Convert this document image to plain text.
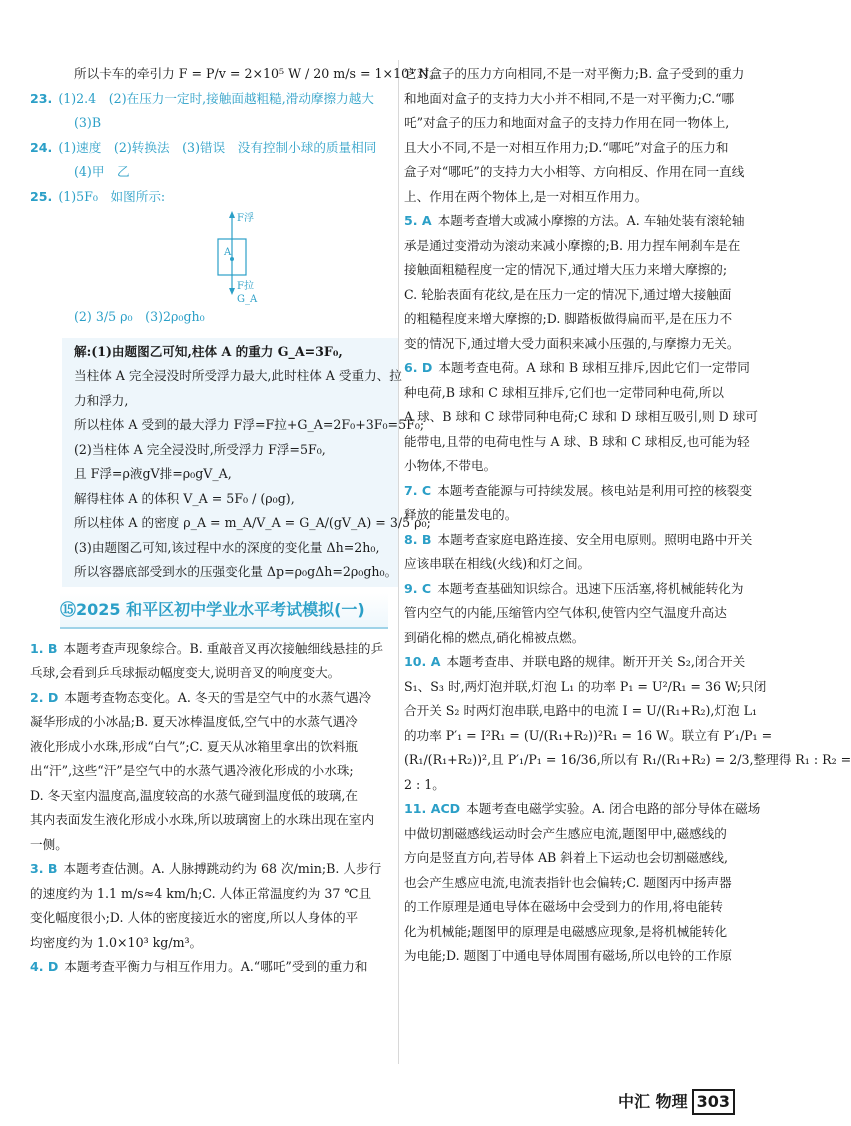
所以卡车的牵引力 F = P/v = 2×10⁵ W / 20 m/s = 1×10⁴ N。
23. (1)2.4　(2)在压力一定时,接触面越粗糙,滑动摩擦力越大
(3)B
24. (1)速度　(2)转换法　(3)错误　没有控制小球的质量相同
(4)甲　乙
25. (1)5F₀　如图所示:
F浮
A
F拉
G_A
(2) 3/5 ρ₀　(3)2ρ₀gh₀
解:(1)由题图乙可知,柱体 A 的重力 G_A=3F₀,
当柱体 A 完全浸没时所受浮力最大,此时柱体 A 受重力、拉
力和浮力,
所以柱体 A 受到的最大浮力 F浮=F拉+G_A=2F₀+3F₀=5F₀;
(2)当柱体 A 完全浸没时,所受浮力 F浮=5F₀,
且 F浮=ρ液gV排=ρ₀gV_A,
解得柱体 A 的体积 V_A = 5F₀ / (ρ₀g),
所以柱体 A 的密度 ρ_A = m_A/V_A = G_A/(gV_A) = 3/5 ρ₀;
(3)由题图乙可知,该过程中水的深度的变化量 Δh=2h₀,
所以容器底部受到水的压强变化量 Δp=ρ₀gΔh=2ρ₀gh₀。
⑮2025 和平区初中学业水平考试模拟(一)
1. B 本题考查声现象综合。B. 重敲音叉再次接触细线悬挂的乒
乓球,会看到乒乓球振动幅度变大,说明音叉的响度变大。
2. D 本题考查物态变化。A. 冬天的雪是空气中的水蒸气遇冷
凝华形成的小冰晶;B. 夏天冰棒温度低,空气中的水蒸气遇冷
液化形成小水珠,形成“白气”;C. 夏天从冰箱里拿出的饮料瓶
出“汗”,这些“汗”是空气中的水蒸气遇冷液化形成的小水珠;
D. 冬天室内温度高,温度较高的水蒸气碰到温度低的玻璃,在
其内表面发生液化形成小水珠,所以玻璃窗上的水珠出现在室内
一侧。
3. B 本题考查估测。A. 人脉搏跳动约为 68 次/min;B. 人步行
的速度约为 1.1 m/s≈4 km/h;C. 人体正常温度约为 37 ℃且
变化幅度很小;D. 人体的密度接近水的密度,所以人身体的平
均密度约为 1.0×10³ kg/m³。
4. D 本题考查平衡力与相互作用力。A.“哪吒”受到的重力和
它对盒子的压力方向相同,不是一对平衡力;B. 盒子受到的重力
和地面对盒子的支持力大小并不相同,不是一对平衡力;C.“哪
吒”对盒子的压力和地面对盒子的支持力作用在同一物体上,
且大小不同,不是一对相互作用力;D.“哪吒”对盒子的压力和
盒子对“哪吒”的支持力大小相等、方向相反、作用在同一直线
上、作用在两个物体上,是一对相互作用力。
5. A 本题考查增大或减小摩擦的方法。A. 车轴处装有滚轮轴
承是通过变滑动为滚动来减小摩擦的;B. 用力捏车闸刹车是在
接触面粗糙程度一定的情况下,通过增大压力来增大摩擦的;
C. 轮胎表面有花纹,是在压力一定的情况下,通过增大接触面
的粗糙程度来增大摩擦的;D. 脚踏板做得扁而平,是在压力不
变的情况下,通过增大受力面积来减小压强的,与摩擦力无关。
6. D 本题考查电荷。A 球和 B 球相互排斥,因此它们一定带同
种电荷,B 球和 C 球相互排斥,它们也一定带同种电荷,所以
A 球、B 球和 C 球带同种电荷;C 球和 D 球相互吸引,则 D 球可
能带电,且带的电荷电性与 A 球、B 球和 C 球相反,也可能为轻
小物体,不带电。
7. C 本题考查能源与可持续发展。核电站是利用可控的核裂变
释放的能量发电的。
8. B 本题考查家庭电路连接、安全用电原则。照明电路中开关
应该串联在相线(火线)和灯之间。
9. C 本题考查基础知识综合。迅速下压活塞,将机械能转化为
管内空气的内能,压缩管内空气体积,使管内空气温度升高达
到硝化棉的燃点,硝化棉被点燃。
10. A 本题考查串、并联电路的规律。断开开关 S₂,闭合开关
S₁、S₃ 时,两灯泡并联,灯泡 L₁ 的功率 P₁ = U²/R₁ = 36 W;只闭
合开关 S₂ 时两灯泡串联,电路中的电流 I = U/(R₁+R₂),灯泡 L₁
的功率 P′₁ = I²R₁ = (U/(R₁+R₂))²R₁ = 16 W。联立有 P′₁/P₁ =
(R₁/(R₁+R₂))²,且 P′₁/P₁ = 16/36,所以有 R₁/(R₁+R₂) = 2/3,整理得 R₁ : R₂ =
2 : 1。
11. ACD 本题考查电磁学实验。A. 闭合电路的部分导体在磁场
中做切割磁感线运动时会产生感应电流,题图甲中,磁感线的
方向是竖直方向,若导体 AB 斜着上下运动也会切割磁感线,
也会产生感应电流,电流表指针也会偏转;C. 题图丙中扬声器
的工作原理是通电导体在磁场中会受到力的作用,将电能转
化为机械能;题图甲的原理是电磁感应现象,是将机械能转化
为电能;D. 题图丁中通电导体周围有磁场,所以电铃的工作原
中汇 物理 303
